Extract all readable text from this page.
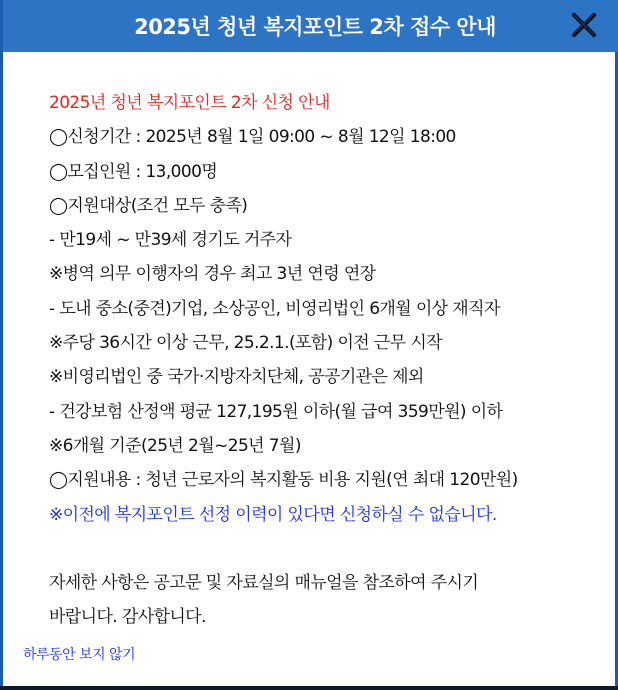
2025년 청년 복지포인트 2차 접수 안내
2025년 청년 복지포인트 2차 신청 안내
◯신청기간 : 2025년 8월 1일 09:00 ~ 8월 12일 18:00
◯모집인원 : 13,000명
◯지원대상(조건 모두 충족)
- 만19세 ~ 만39세 경기도 거주자
※병역 의무 이행자의 경우 최고 3년 연령 연장
- 도내 중소(중견)기업, 소상공인, 비영리법인 6개월 이상 재직자
※주당 36시간 이상 근무, 25.2.1.(포함) 이전 근무 시작
※비영리법인 중 국가·지방자치단체, 공공기관은 제외
- 건강보험 산정액 평균 127,195원 이하(월 급여 359만원) 이하
※6개월 기준(25년 2월~25년 7월)
◯지원내용 : 청년 근로자의 복지활동 비용 지원(연 최대 120만원)
※이전에 복지포인트 선정 이력이 있다면 신청하실 수 없습니다.
자세한 사항은 공고문 및 자료실의 매뉴얼을 참조하여 주시기
바랍니다. 감사합니다.
하루동안 보지 않기
